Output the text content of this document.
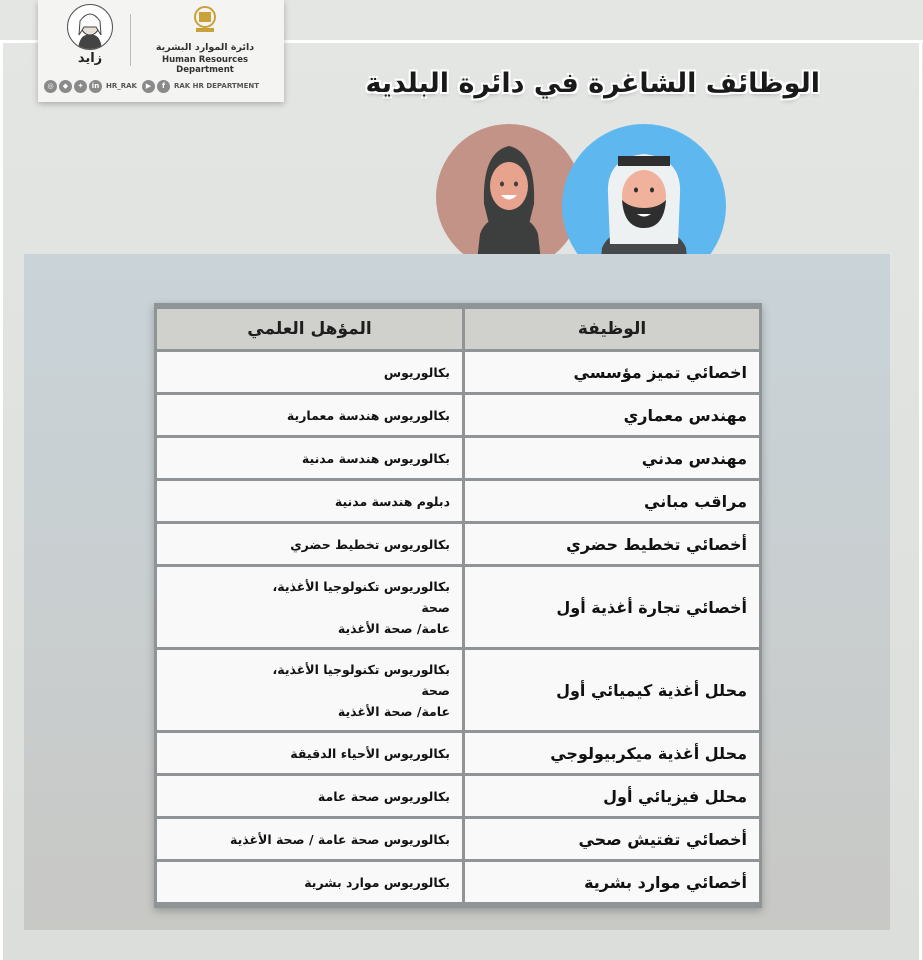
زايد
دائرة الموارد البشرية
Human Resources Department
◎	◆	✦	in HR_RAK	▶	f	RAK HR DEPARTMENT	الوظائف الشاغرة في دائرة البلدية
الوظيفة	المؤهل العلمي
اخصائي تميز مؤسسي	بكالوريوس
مهندس معماري	بكالوريوس هندسة معمارية
مهندس مدني	بكالوريوس هندسة مدنية
مراقب مباني	دبلوم هندسة مدنية
أخصائي تخطيط حضري	بكالوريوس تخطيط حضري
أخصائي تجارة أغذية أول	بكالوريوس تكنولوجيا الأغذية،
صحة
عامة/ صحة الأغذية

محلل أغذية كيميائي أول	بكالوريوس تكنولوجيا الأغذية،
صحة
عامة/ صحة الأغذية

محلل أغذية ميكربيولوجي	بكالوريوس الأحياء الدقيقة
محلل فيزيائي أول	بكالوريوس صحة عامة
أخصائي تفتيش صحي	بكالوريوس صحة عامة / صحة الأغذية
أخصائي موارد بشرية	بكالوريوس موارد بشرية
